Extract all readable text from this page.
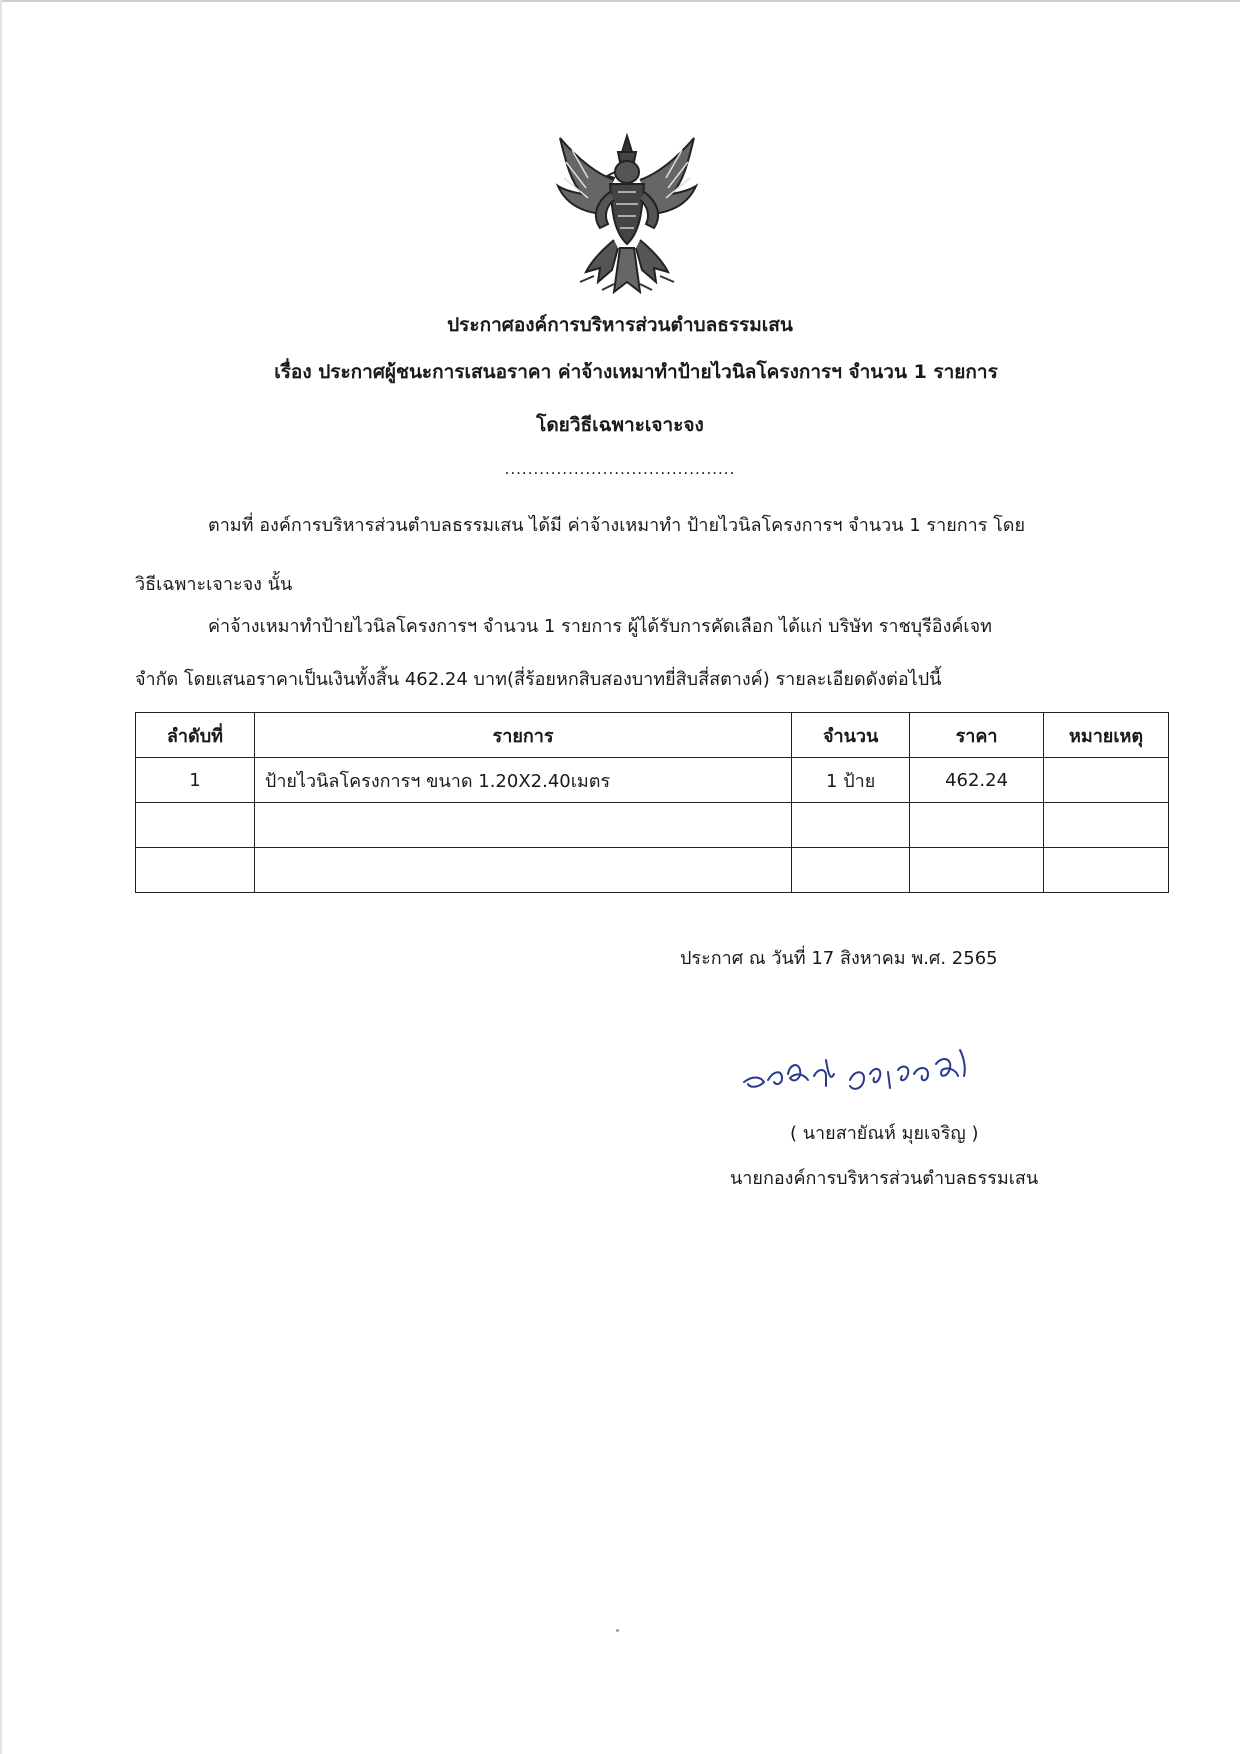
ประกาศองค์การบริหารส่วนตำบลธรรมเสน
เรื่อง ประกาศผู้ชนะการเสนอราคา ค่าจ้างเหมาทำป้ายไวนิลโครงการฯ จำนวน 1 รายการ
โดยวิธีเฉพาะเจาะจง
........................................
ตามที่ องค์การบริหารส่วนตำบลธรรมเสน ได้มี ค่าจ้างเหมาทำ ป้ายไวนิลโครงการฯ จำนวน 1 รายการ โดย
วิธีเฉพาะเจาะจง นั้น
ค่าจ้างเหมาทำป้ายไวนิลโครงการฯ จำนวน 1 รายการ ผู้ได้รับการคัดเลือก ได้แก่ บริษัท ราชบุรีอิงค์เจท
จำกัด โดยเสนอราคาเป็นเงินทั้งสิ้น 462.24 บาท(สี่ร้อยหกสิบสองบาทยี่สิบสี่สตางค์) รายละเอียดดังต่อไปนี้
ลำดับที่	รายการ	จำนวน	ราคา	หมายเหตุ
1	ป้ายไวนิลโครงการฯ ขนาด 1.20X2.40เมตร	1 ป้าย	462.24	

ประกาศ ณ วันที่ 17 สิงหาคม พ.ศ. 2565
( นายสายัณห์ มุยเจริญ )
นายกองค์การบริหารส่วนตำบลธรรมเสน
